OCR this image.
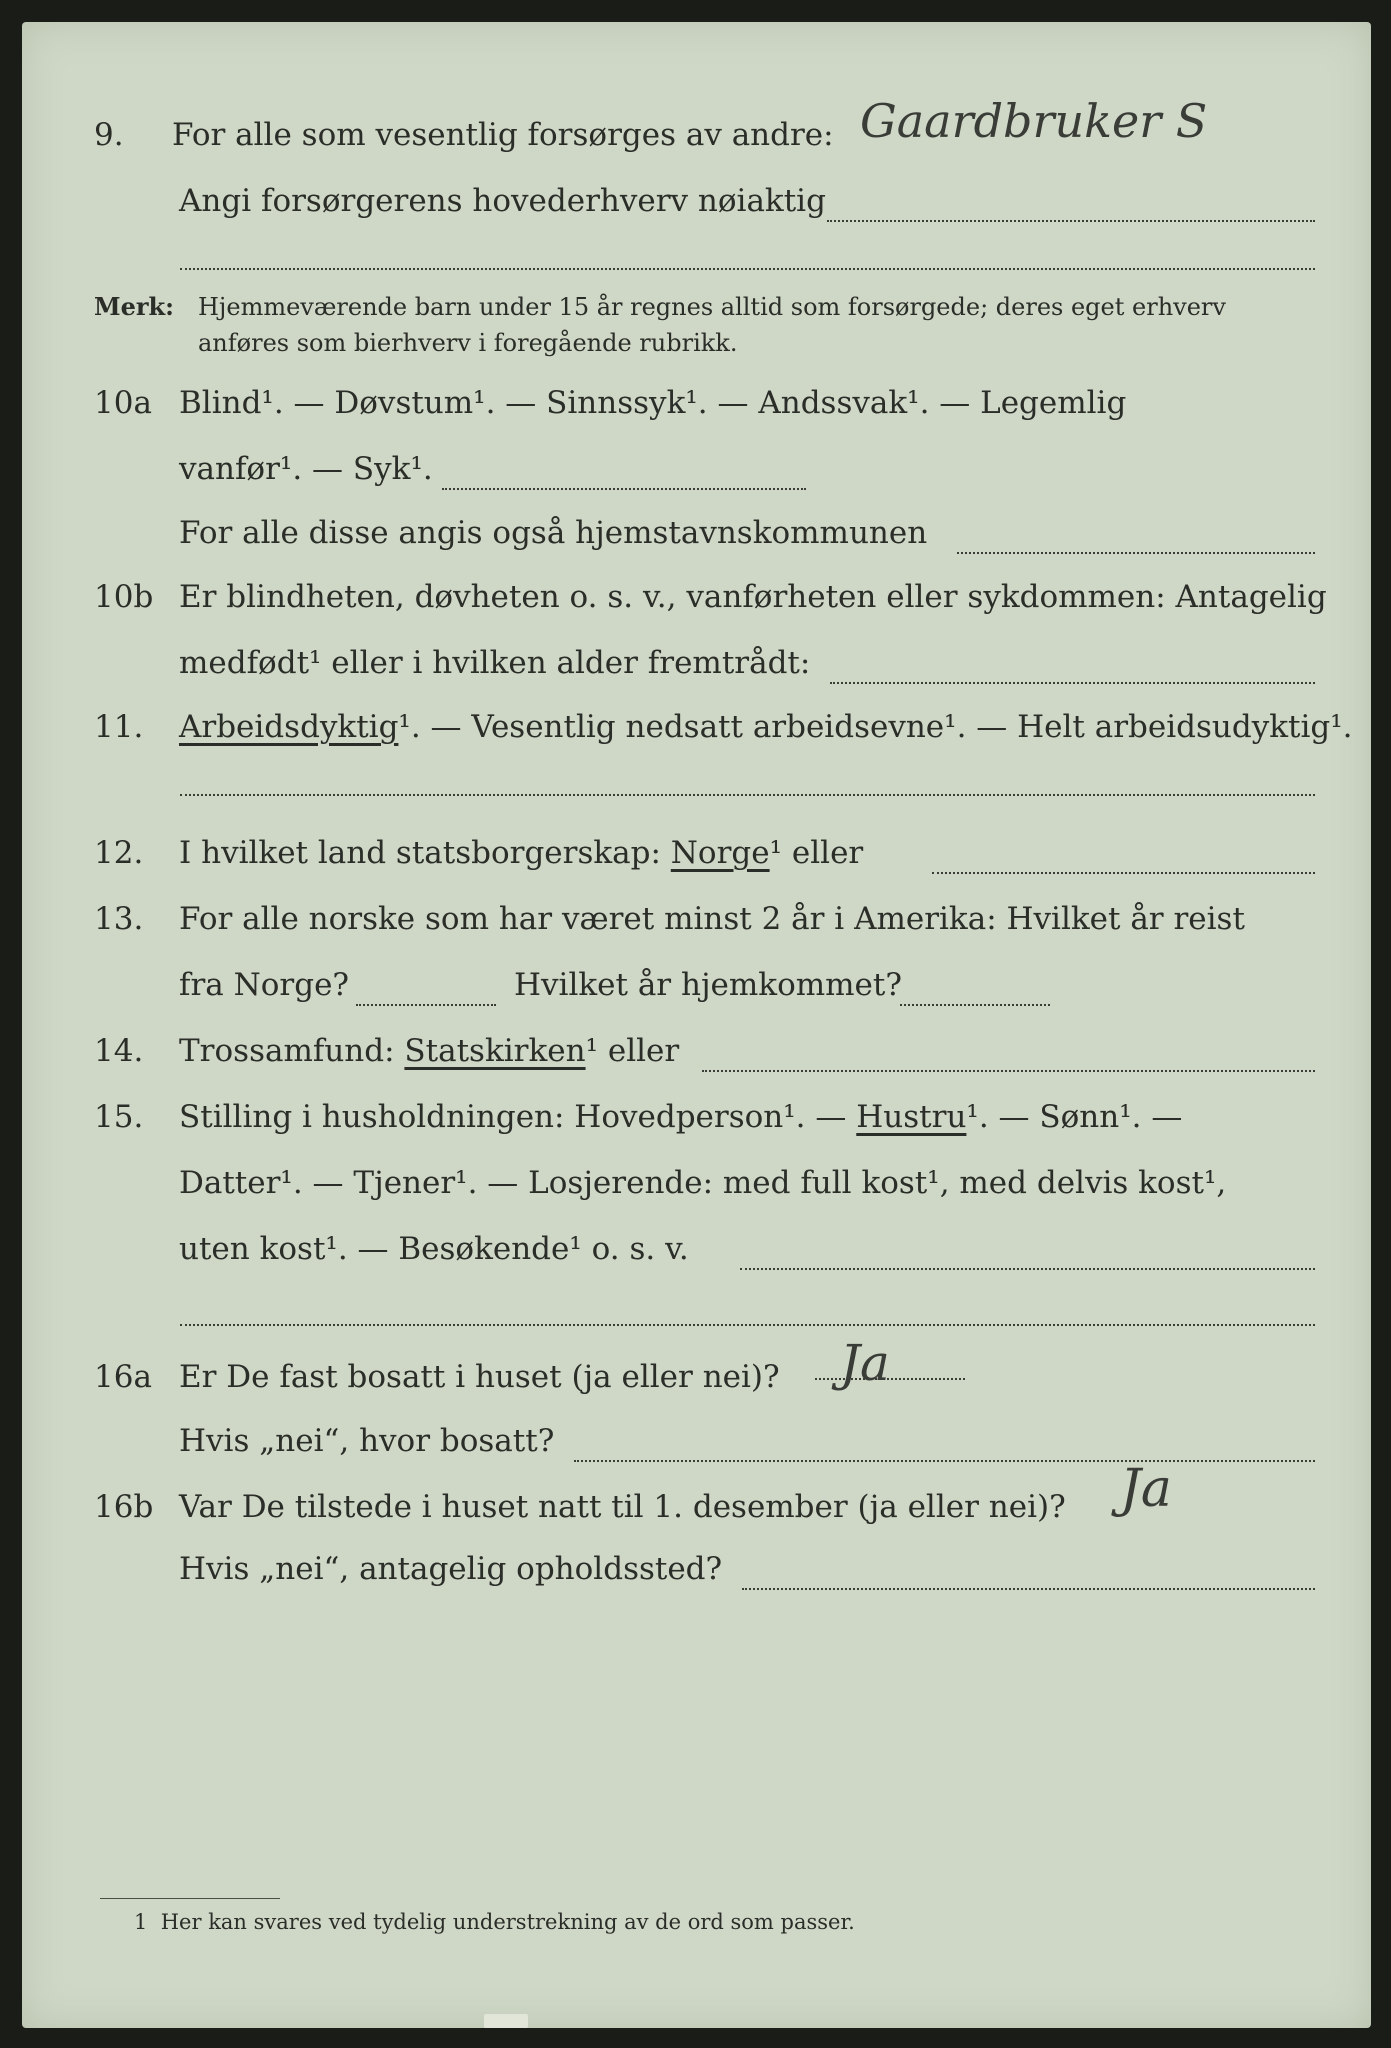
9. For alle som vesentlig forsørges av andre: Gaardbruker S
Angi forsørgerens hovederhverv nøiaktig
Merk: Hjemmeværende barn under 15 år regnes alltid som forsørgede; deres eget erhverv
anføres som bierhverv i foregående rubrikk.
10a Blind¹. — Døvstum¹. — Sinnssyk¹. — Andssvak¹. — Legemlig
vanfør¹. — Syk¹.
For alle disse angis også hjemstavnskommunen
10b Er blindheten, døvheten o. s. v., vanførheten eller sykdommen: Antagelig
medfødt¹ eller i hvilken alder fremtrådt:
11. Arbeidsdyktig¹. — Vesentlig nedsatt arbeidsevne¹. — Helt arbeidsudyktig¹.
12. I hvilket land statsborgerskap: Norge¹ eller
13. For alle norske som har været minst 2 år i Amerika: Hvilket år reist
fra Norge?	Hvilket år hjemkommet?
14. Trossamfund: Statskirken¹ eller
15. Stilling i husholdningen: Hovedperson¹. — Hustru¹. — Sønn¹. —
Datter¹. — Tjener¹. — Losjerende: med full kost¹, med delvis kost¹,
uten kost¹. — Besøkende¹ o. s. v.
16a Er De fast bosatt i huset (ja eller nei)? Ja
Hvis „nei“, hvor bosatt?
16b Var De tilstede i huset natt til 1. desember (ja eller nei)? Ja
Hvis „nei“, antagelig opholdssted?
1 Her kan svares ved tydelig understrekning av de ord som passer.
